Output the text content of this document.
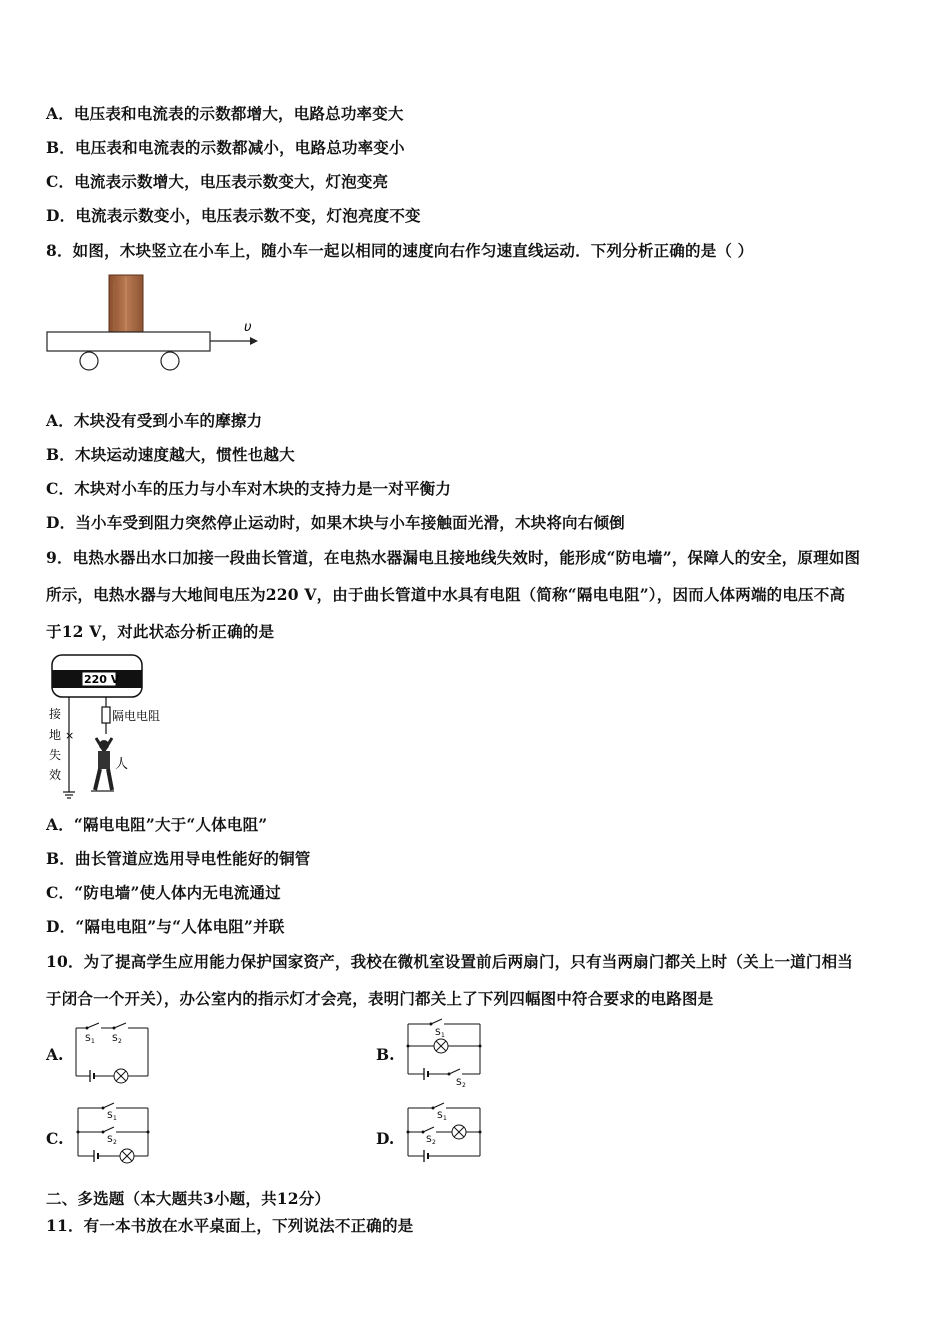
A．电压表和电流表的示数都增大，电路总功率变大
B．电压表和电流表的示数都减小，电路总功率变小
C．电流表示数增大，电压表示数变大，灯泡变亮
D．电流表示数变小，电压表示数不变，灯泡亮度不变
8．如图，木块竖立在小车上，随小车一起以相同的速度向右作匀速直线运动．下列分析正确的是（ ）
υ
A．木块没有受到小车的摩擦力
B．木块运动速度越大，惯性也越大
C．木块对小车的压力与小车对木块的支持力是一对平衡力
D．当小车受到阻力突然停止运动时，如果木块与小车接触面光滑，木块将向右倾倒
9．电热水器出水口加接一段曲长管道，在电热水器漏电且接地线失效时，能形成“防电墙”，保障人的安全，原理如图
所示，电热水器与大地间电压为220 V，由于曲长管道中水具有电阻（简称“隔电电阻”），因而人体两端的电压不高
于12 V，对此状态分析正确的是
220 V
隔电电阻
人
×
接
地
失
效
A．“隔电电阻”大于“人体电阻”
B．曲长管道应选用导电性能好的铜管
C．“防电墙”使人体内无电流通过
D．“隔电电阻”与“人体电阻”并联
10．为了提高学生应用能力保护国家资产，我校在微机室设置前后两扇门，只有当两扇门都关上时（关上一道门相当
于闭合一个开关），办公室内的指示灯才会亮，表明门都关上了下列四幅图中符合要求的电路图是
A.
S 1 S 2
B.
S 1
S 2
C.
S 1
S 2	D.
S 1
S 2
二、多选题（本大题共3小题，共12分）
11．有一本书放在水平桌面上，下列说法不正确的是
